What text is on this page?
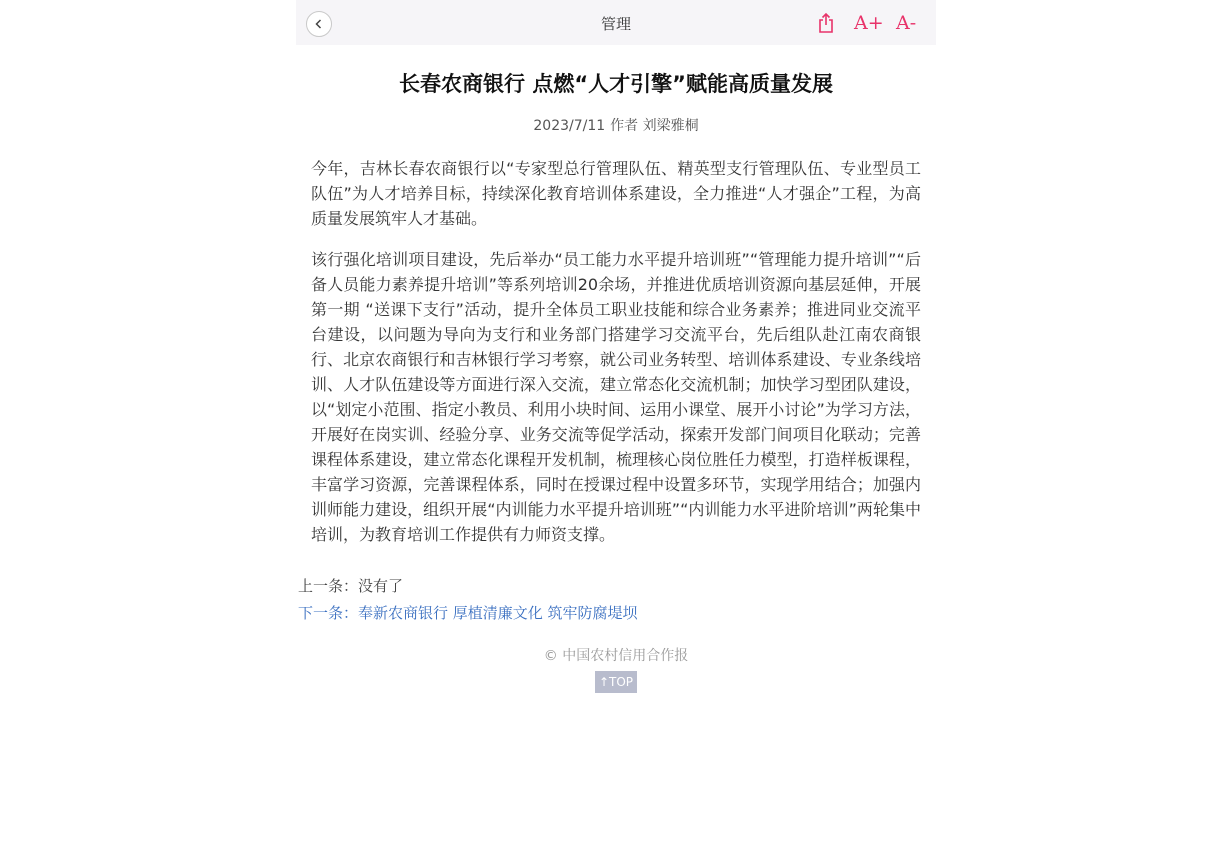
管理	A+ A-
长春农商银行 点燃“人才引擎”赋能高质量发展
2023/7/11 作者 刘梁雅桐

今年，吉林长春农商银行以“专家型总行管理队伍、精英型支行管理队伍、专业型员工队伍”为人才培养目标，持续深化教育培训体系建设，全力推进“人才强企”工程，为高质量发展筑牢人才基础。

该行强化培训项目建设，先后举办“员工能力水平提升培训班”“管理能力提升培训”“后备人员能力素养提升培训”等系列培训20余场，并推进优质培训资源向基层延伸，开展第一期 “送课下支行”活动，提升全体员工职业技能和综合业务素养；推进同业交流平台建设，以问题为导向为支行和业务部门搭建学习交流平台，先后组队赴江南农商银行、北京农商银行和吉林银行学习考察，就公司业务转型、培训体系建设、专业条线培训、人才队伍建设等方面进行深入交流，建立常态化交流机制；加快学习型团队建设，以“划定小范围、指定小教员、利用小块时间、运用小课堂、展开小讨论”为学习方法，开展好在岗实训、经验分享、业务交流等促学活动，探索开发部门间项目化联动；完善课程体系建设，建立常态化课程开发机制，梳理核心岗位胜任力模型，打造样板课程，丰富学习资源，完善课程体系，同时在授课过程中设置多环节，实现学用结合；加强内训师能力建设，组织开展“内训能力水平提升培训班”“内训能力水平进阶培训”两轮集中培训，为教育培训工作提供有力师资支撑。

上一条：没有了
下一条：奉新农商银行 厚植清廉文化 筑牢防腐堤坝
© 中国农村信用合作报
↑TOP
